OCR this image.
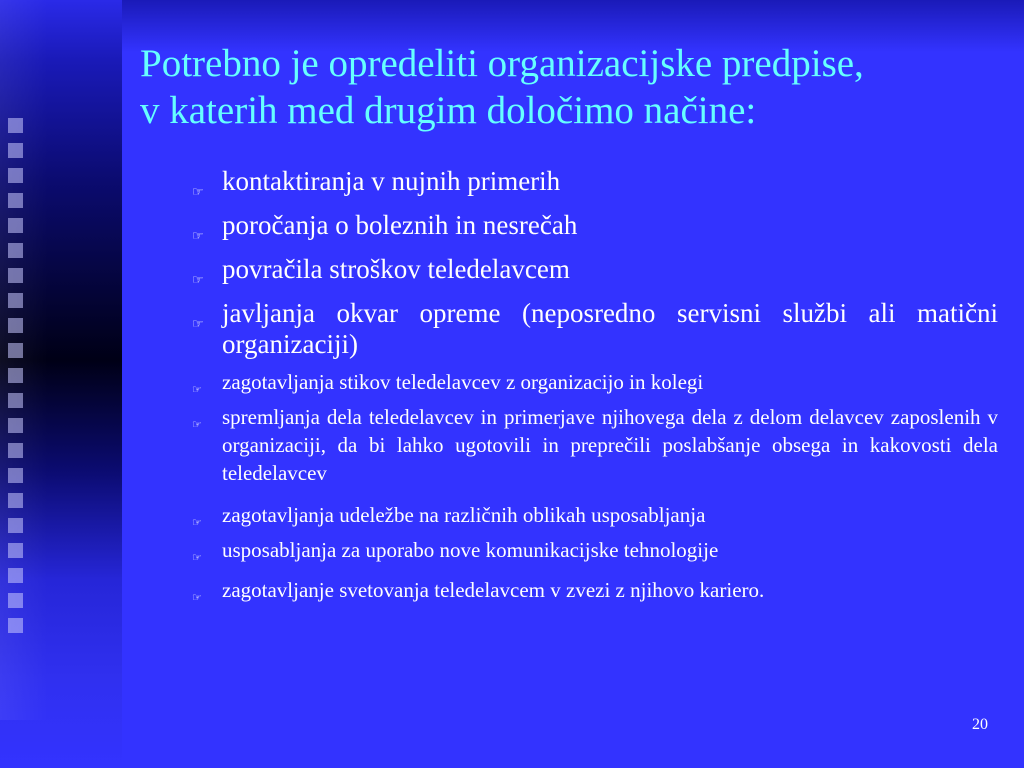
Potrebno je opredeliti organizacijske predpise,
v katerih med drugim določimo načine:
☞ kontaktiranja v nujnih primerih
☞ poročanja o boleznih in nesrečah
☞ povračila stroškov teledelavcem
☞ javljanja okvar opreme (neposredno servisni službi ali matični organizaciji)
☞ zagotavljanja stikov teledelavcev z organizacijo in kolegi
☞ spremljanja dela teledelavcev in primerjave njihovega dela z delom delavcev zaposlenih v organizaciji, da bi lahko ugotovili in preprečili poslabšanje obsega in kakovosti dela teledelavcev
☞ zagotavljanja udeležbe na različnih oblikah usposabljanja
☞ usposabljanja za uporabo nove komunikacijske tehnologije
☞ zagotavljanje svetovanja teledelavcem v zvezi z njihovo kariero.
20
